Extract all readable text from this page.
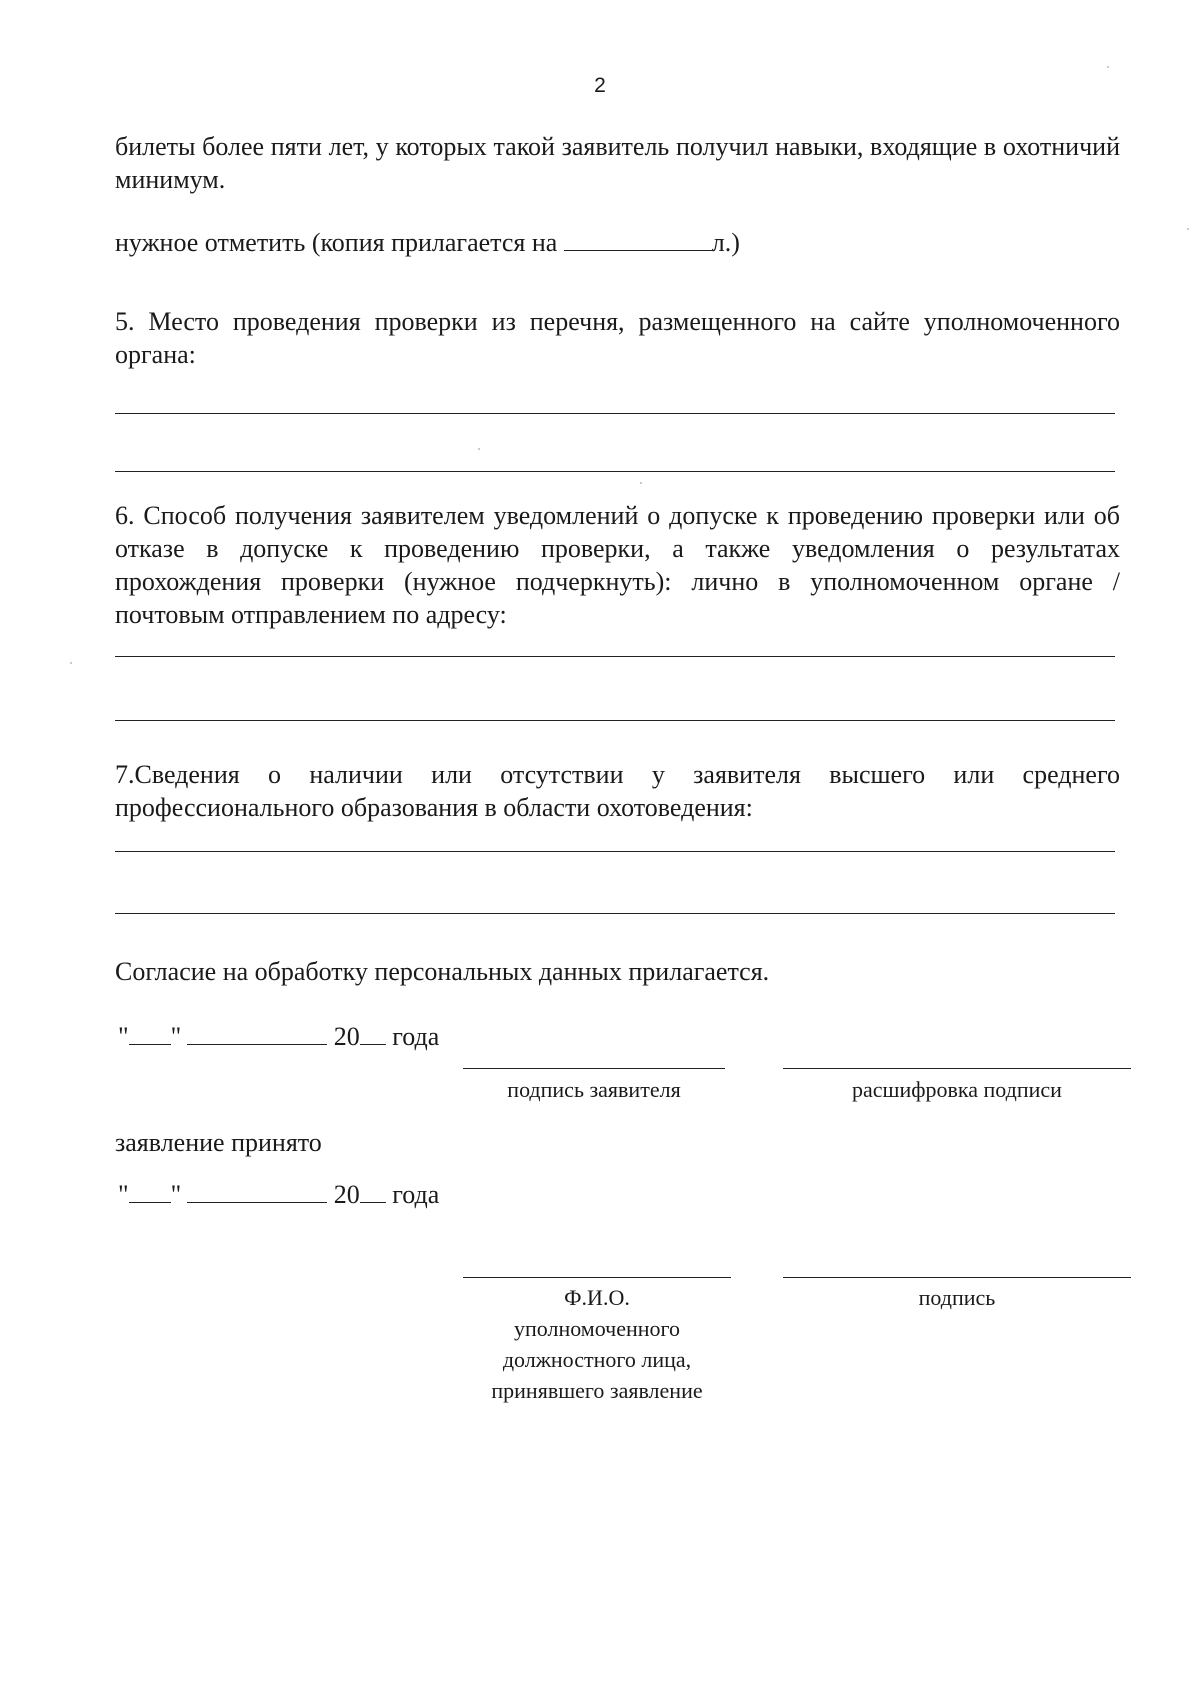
2
билеты более пяти лет, у которых такой заявитель получил навыки, входящие в охотничий минимум.
нужное отметить (копия прилагается на	л.)
5. Место проведения проверки из перечня, размещенного на сайте уполномоченного органа:
6. Способ получения заявителем уведомлений о допуске к проведению проверки или об отказе в допуске к проведению проверки, а также уведомления о результатах прохождения проверки (нужное подчеркнуть): лично в уполномоченном органе / почтовым отправлением по адресу:
7.Сведения о наличии или отсутствии у заявителя высшего или среднего профессионального образования в области охотоведения:
Согласие на обработку персональных данных прилагается.
" "	20 года
подпись заявителя	расшифровка подписи
заявление принято
" "	20 года
Ф.И.О.
уполномоченного
должностного лица,
принявшего заявление
подпись
